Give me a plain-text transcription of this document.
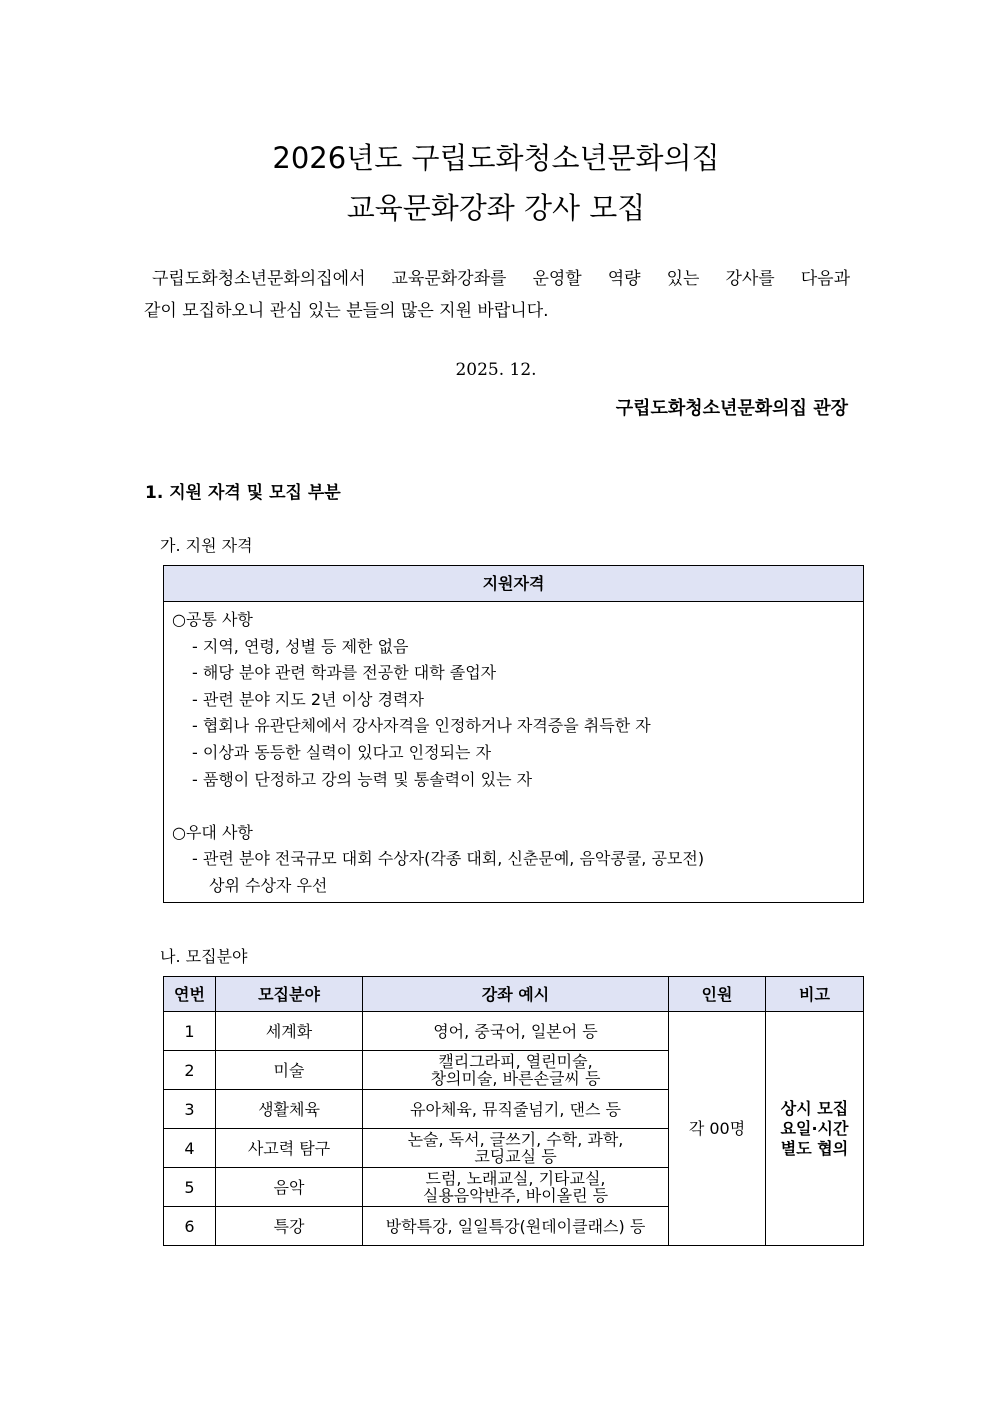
2026년도 구립도화청소년문화의집
교육문화강좌 강사 모집
구립도화청소년문화의집에서 교육문화강좌를 운영할 역량 있는 강사를 다음과
같이 모집하오니 관심 있는 분들의 많은 지원 바랍니다.
2025. 12.
구립도화청소년문화의집 관장
1. 지원 자격 및 모집 부분
가. 지원 자격
지원자격
○공통 사항
- 지역, 연령, 성별 등 제한 없음
- 해당 분야 관련 학과를 전공한 대학 졸업자
- 관련 분야 지도 2년 이상 경력자
- 협회나 유관단체에서 강사자격을 인정하거나 자격증을 취득한 자
- 이상과 동등한 실력이 있다고 인정되는 자
- 품행이 단정하고 강의 능력 및 통솔력이 있는 자
○우대 사항
- 관련 분야 전국규모 대회 수상자(각종 대회, 신춘문예, 음악콩쿨, 공모전)
상위 수상자 우선
나. 모집분야
연번	모집분야	강좌 예시	인원	비고
1	세계화	영어, 중국어, 일본어 등	각 00명	상시 모집
요일·시간
별도 협의

2	미술	캘리그라피, 열린미술,
창의미술, 바른손글씨 등		

3	생활체육	유아체육, 뮤직줄넘기, 댄스 등		

4	사고력 탐구	논술, 독서, 글쓰기, 수학, 과학,
코딩교실 등		

5	음악	드럼, 노래교실, 기타교실,
실용음악반주, 바이올린 등		

6	특강	방학특강, 일일특강(원데이클래스) 등		
